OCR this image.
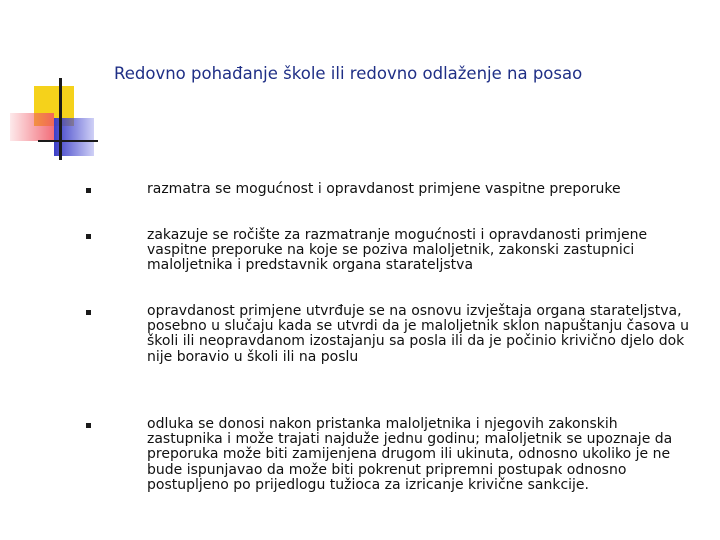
Redovno pohađanje škole ili redovno odlaženje na posao
razmatra se mogućnost i opravdanost primjene vaspitne preporuke
zakazuje se ročište za razmatranje mogućnosti i opravdanosti primjene vaspitne preporuke na koje se poziva maloljetnik, zakonski zastupnici maloljetnika i predstavnik organa starateljstva
opravdanost primjene utvrđuje se na osnovu izvještaja organa starateljstva, posebno u slučaju kada se utvrdi da je maloljetnik sklon napuštanju časova u školi ili neopravdanom izostajanju sa posla ili da je počinio krivično djelo dok nije boravio u školi ili na poslu
odluka se donosi nakon pristanka maloljetnika i njegovih zakonskih zastupnika i može trajati najduže jednu godinu; maloljetnik se upoznaje da preporuka može biti zamijenjena drugom ili ukinuta, odnosno ukoliko je ne bude ispunjavao da može biti pokrenut pripremni postupak odnosno postupljeno po prijedlogu tužioca za izricanje krivične sankcije.
